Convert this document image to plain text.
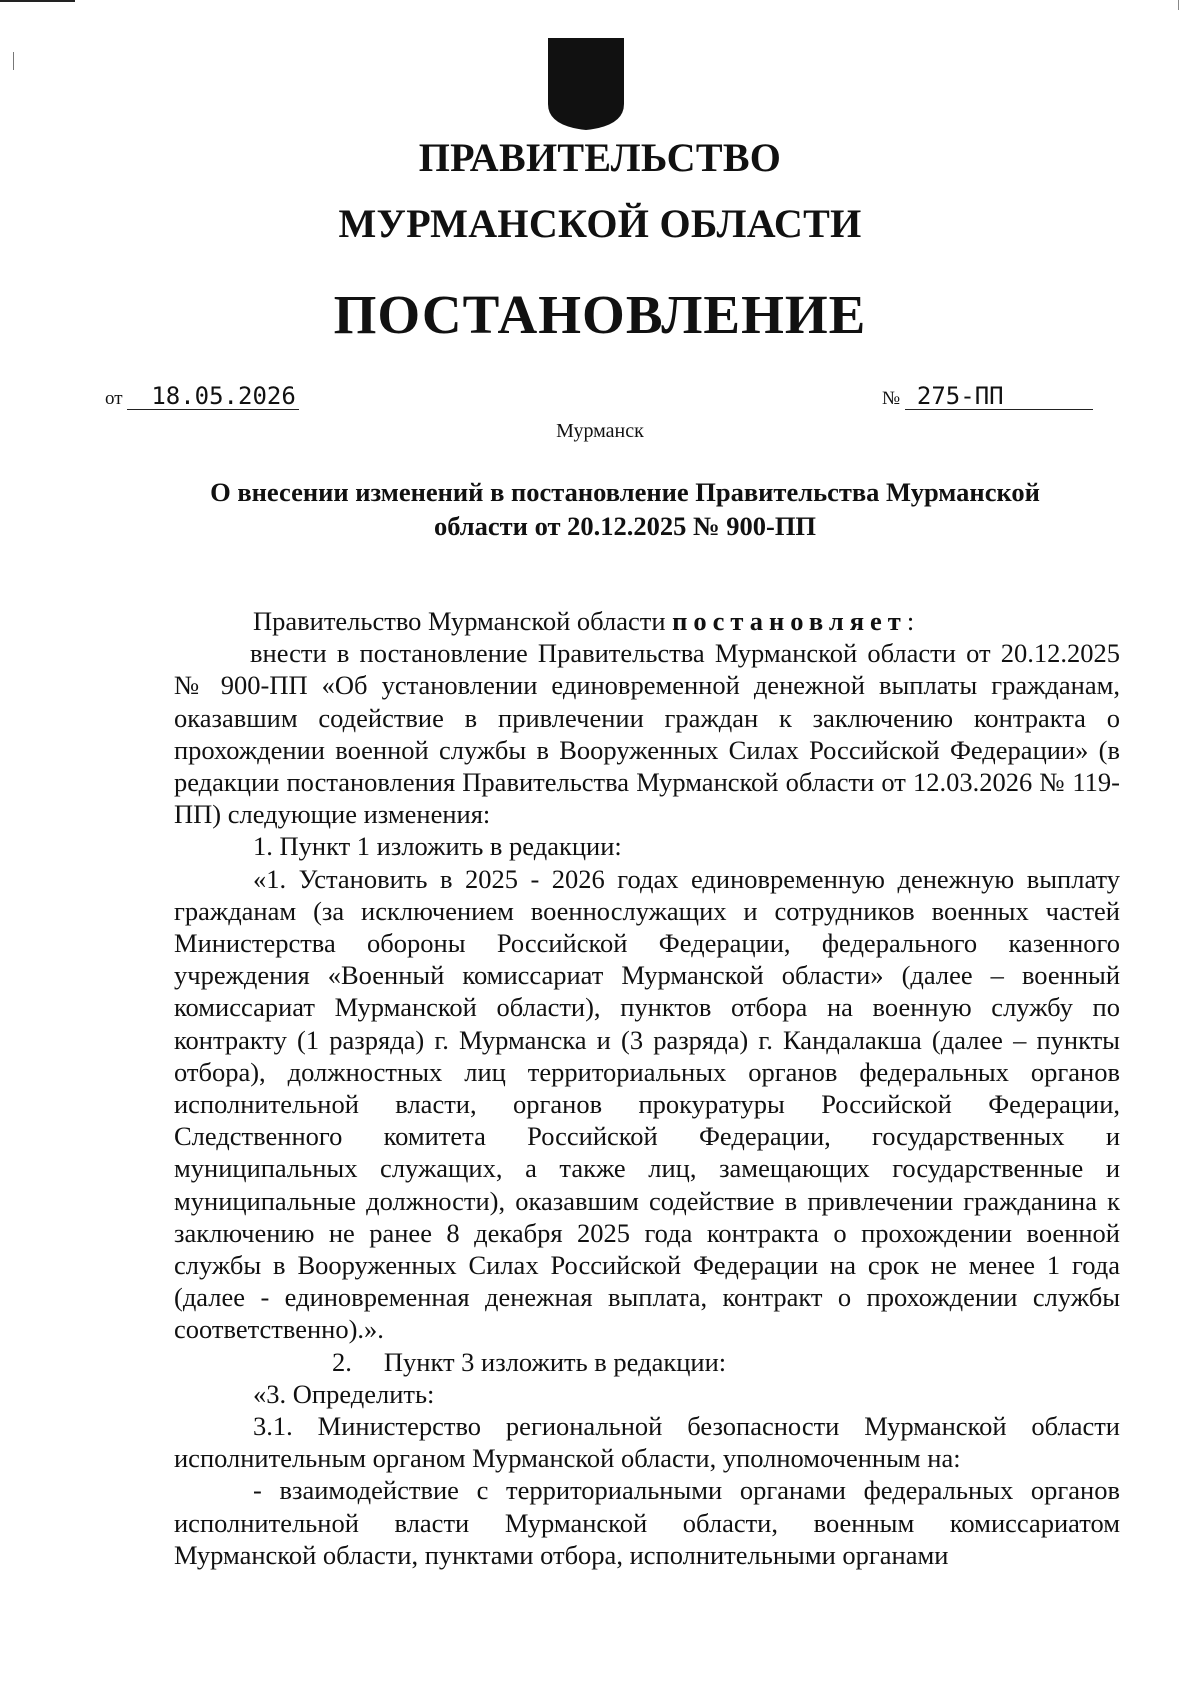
ПРАВИТЕЛЬСТВО
МУРМАНСКОЙ ОБЛАСТИ
ПОСТАНОВЛЕНИЕ
от 18.05.2026	№ 275-ПП
Мурманск
О внесении изменений в постановление Правительства Мурманской
области от 20.12.2025 № 900-ПП

Правительство Мурманской области постановляет:

внести в постановление Правительства Мурманской области от 20.12.2025 № 900-ПП «Об установлении единовременной денежной выплаты гражданам, оказавшим содействие в привлечении граждан к заключению контракта о прохождении военной службы в Вооруженных Силах Российской Федерации» (в редакции постановления Правительства Мурманской области от 12.03.2026 № 119-ПП) следующие изменения:

1. Пункт 1 изложить в редакции:

«1. Установить в 2025 - 2026 годах единовременную денежную выплату гражданам (за исключением военнослужащих и сотрудников военных частей Министерства обороны Российской Федерации, федерального казенного учреждения «Военный комиссариат Мурманской области» (далее – военный комиссариат Мурманской области), пунктов отбора на военную службу по контракту (1 разряда) г. Мурманска и (3 разряда) г. Кандалакша (далее – пункты отбора), должностных лиц территориальных органов федеральных органов исполнительной власти, органов прокуратуры Российской Федерации, Следственного комитета Российской Федерации, государственных и муниципальных служащих, а также лиц, замещающих государственные и муниципальные должности), оказавшим содействие в привлечении гражданина к заключению не ранее 8 декабря 2025 года контракта о прохождении военной службы в Вооруженных Силах Российской Федерации на срок не менее 1 года (далее - единовременная денежная выплата, контракт о прохождении службы соответственно).».

2. Пункт 3 изложить в редакции:

«3. Определить:

3.1. Министерство региональной безопасности Мурманской области исполнительным органом Мурманской области, уполномоченным на:

- взаимодействие с территориальными органами федеральных органов исполнительной власти Мурманской области, военным комиссариатом Мурманской области, пунктами отбора, исполнительными органами
